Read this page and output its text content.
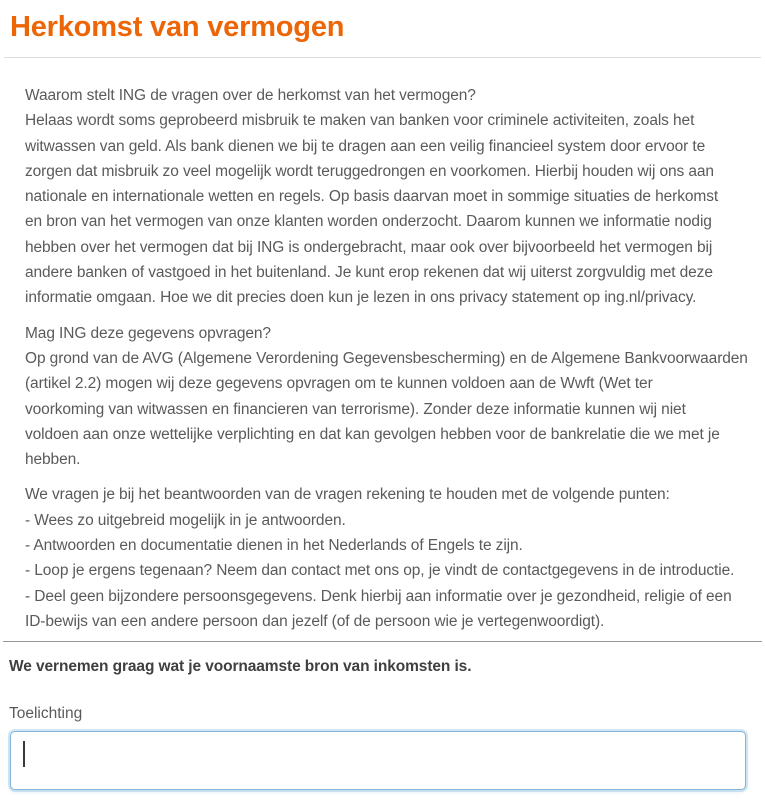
Herkomst van vermogen
Waarom stelt ING de vragen over de herkomst van het vermogen?
Helaas wordt soms geprobeerd misbruik te maken van banken voor criminele activiteiten, zoals het
witwassen van geld. Als bank dienen we bij te dragen aan een veilig financieel system door ervoor te
zorgen dat misbruik zo veel mogelijk wordt teruggedrongen en voorkomen. Hierbij houden wij ons aan
nationale en internationale wetten en regels. Op basis daarvan moet in sommige situaties de herkomst
en bron van het vermogen van onze klanten worden onderzocht. Daarom kunnen we informatie nodig
hebben over het vermogen dat bij ING is ondergebracht, maar ook over bijvoorbeeld het vermogen bij
andere banken of vastgoed in het buitenland. Je kunt erop rekenen dat wij uiterst zorgvuldig met deze
informatie omgaan. Hoe we dit precies doen kun je lezen in ons privacy statement op ing.nl/privacy.
Mag ING deze gegevens opvragen?
Op grond van de AVG (Algemene Verordening Gegevensbescherming) en de Algemene Bankvoorwaarden
(artikel 2.2) mogen wij deze gegevens opvragen om te kunnen voldoen aan de Wwft (Wet ter
voorkoming van witwassen en financieren van terrorisme). Zonder deze informatie kunnen wij niet
voldoen aan onze wettelijke verplichting en dat kan gevolgen hebben voor de bankrelatie die we met je
hebben.
We vragen je bij het beantwoorden van de vragen rekening te houden met de volgende punten:
- Wees zo uitgebreid mogelijk in je antwoorden.
- Antwoorden en documentatie dienen in het Nederlands of Engels te zijn.
- Loop je ergens tegenaan? Neem dan contact met ons op, je vindt de contactgegevens in de introductie.
- Deel geen bijzondere persoonsgegevens. Denk hierbij aan informatie over je gezondheid, religie of een
ID-bewijs van een andere persoon dan jezelf (of de persoon wie je vertegenwoordigt).
We vernemen graag wat je voornaamste bron van inkomsten is.
Toelichting
